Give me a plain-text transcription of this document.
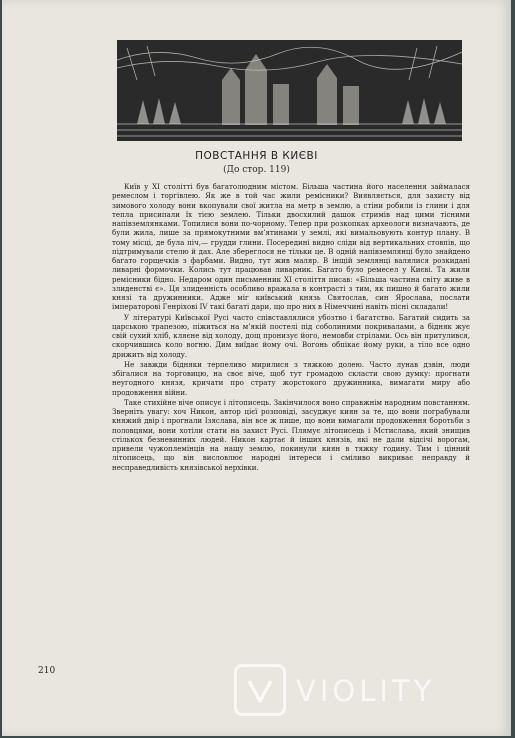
ПОВСТАННЯ В КИЄВІ
(До стор. 119)

Київ у XI столітті був багатолюдним містом. Більша частина його населення займалася ремеслом і торгівлею. Як же в той час жили ремісники? Виявляється, для захисту від зимового холоду вони вкопували свої житла на метр в землю, а стіни робили із глини і для тепла присипали їх тією землею. Тільки двосхилий дашок стримів над цими тісними напівземлянками. Топилися вони по-чорному. Тепер при розкопках археологи визначають, де були жила, лише за прямокутними вм’ятинами у землі, які вимальовують контур плану. В тому місці, де була піч,— грудди глини. Посередині видно сліди від вертикальних стовпів, що підтримували стелю й дах. Але збереглося не тільки це. В одній напівземлянці було знайдено багато горщечків з фарбами. Видно, тут жив маляр. В інщій землянці валялися розкидані ливарні формочки. Колись тут працював ливарник. Багато було ремесел у Києві. Та жили ремісники бідно. Недаром один письменник XI століття писав: «Більша частина світу живе в злиденстві є». Ця злиденність особливо вражала в контрасті з тим, як пишно й багато жили князі та дружинники. Адже міг київський князь Святослав, син Ярослава, послати імператорові Генріхові IV такі багаті дари, що про них в Німеччині навіть пісні складали!

У літературі Київської Русі часто співставлялися убозтво і багатство. Багатий сидить за царською трапезою, піжиться на м’якій постелі під соболиними покривалами, а бідняк жує свій сухий хліб, кляєне від холоду, дощ пронизує його, немовби стрілами. Ось він притулився, скорчившись коло вогню. Дим виїдає йому очі. Вогонь обпікає йому руки, а тіло все одно дрижить від холоду.

Не завжди бідняки терпеливо мирилися з тяжкою долею. Часто лунав дзвін, люди збігалися на торговицю, на своє віче, щоб тут громадою скласти свою думку: прогнати неугодного князя, кричати про страту жорстокого дружинника, вимагати миру або продовження війни.

Таке стихійне віче описує і літописець. Закінчилося воно справжнім народним повстанням. Зверніть увагу: хоч Никон, автор цієї розповіді, засуджує киян за те, що вони пограбували княжий двір і прогнали Ізяслава, він все ж пише, що вони вимагали продовження боротьби з половцями, вони хотіли стати на захист Русі. Плямує літописець і Мстислава, який знищив стількох безневинних людей. Никон картає й інших князів, які не дали відсічі ворогам, привели чужоплемінців на нашу землю, покинули киян в тяжку годину. Тим і цінний літописець, що він висловлює народні інтереси і сміливо викриває неправду й несправедливість князівської верхівки.

210
VIOLITY
